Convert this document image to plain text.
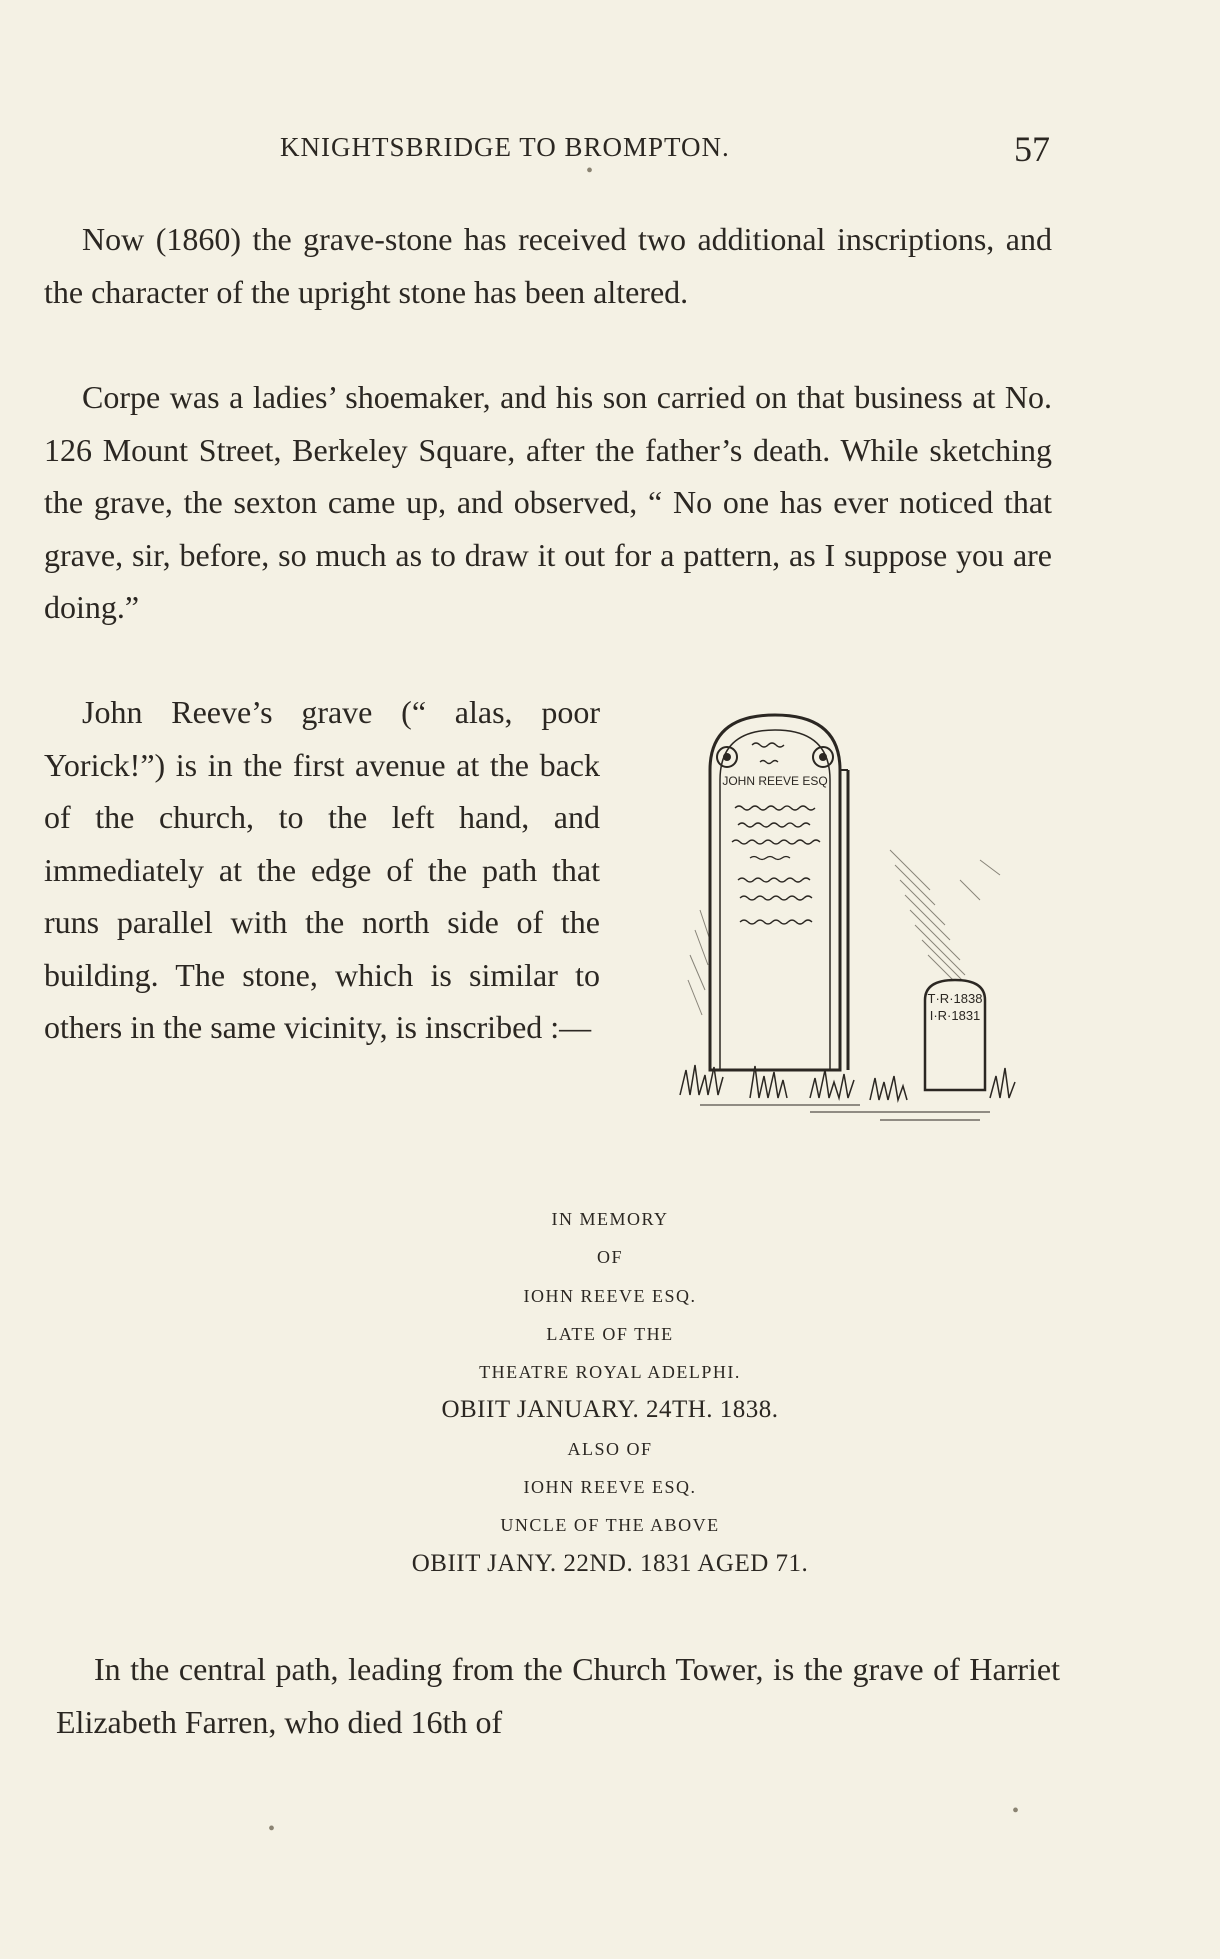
KNIGHTSBRIDGE TO BROMPTON.	57

Now (1860) the grave-stone has received two additional inscriptions, and the character of the upright stone has been altered.

Corpe was a ladies’ shoemaker, and his son carried on that business at No. 126 Mount Street, Berkeley Square, after the father’s death. While sketching the grave, the sexton came up, and observed, “ No one has ever noticed that grave, sir, before, so much as to draw it out for a pattern, as I suppose you are doing.”

John Reeve’s grave (“ alas, poor Yorick!”) is in the first avenue at the back of the church, to the left hand, and immediately at the edge of the path that runs parallel with the north side of the building. The stone, which is similar to others in the same vicinity, is inscribed :—

JOHN REEVE ESQ
T·R·1838
I·R·1831
IN MEMORY
OF
IOHN REEVE ESQ.
LATE OF THE
THEATRE ROYAL ADELPHI.
OBIIT JANUARY. 24TH. 1838.
ALSO OF
IOHN REEVE ESQ.
UNCLE OF THE ABOVE
OBIIT JANY. 22ND. 1831 AGED 71.

In the central path, leading from the Church Tower, is the grave of Harriet Elizabeth Farren, who died 16th of

•
•
•
